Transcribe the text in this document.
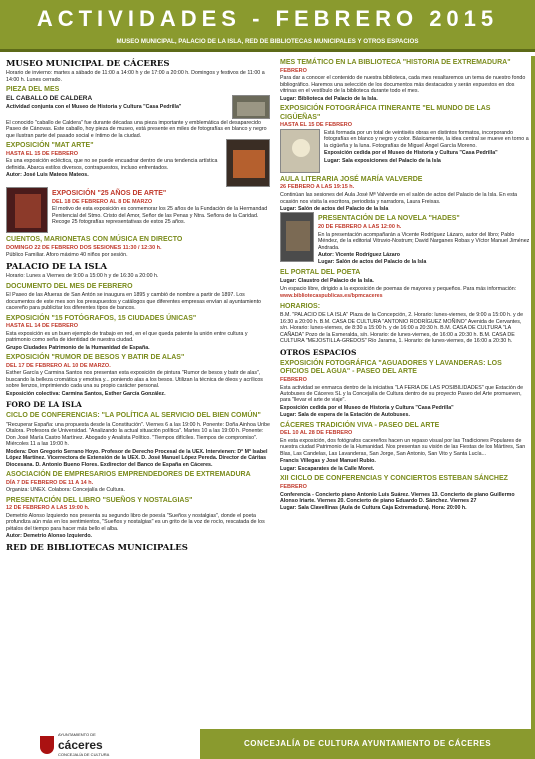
ACTIVIDADES - FEBRERO 2015
MUSEO MUNICIPAL, PALACIO DE LA ISLA, RED DE BIBLIOTECAS MUNICIPALES Y OTROS ESPACIOS
MUSEO MUNICIPAL DE CÁCERES
Horario de invierno: martes a sábado de 11:00 a 14:00 h y de 17:00 a 20:00 h. Domingos y festivos de 11:00 a 14:00 h. Lunes cerrado.
PIEZA DEL MES
EL CABALLO DE CALDERA
Actividad conjunta con el Museo de Historia y Cultura "Casa Pedrilla"
El conocido "caballo de Caldera" fue durante décadas una pieza importante y emblemática del desaparecido Paseo de Cánovas. Este caballo, hoy pieza de museo, está presente en miles de fotografías en blanco y negro que ilustran parte del pasado social e íntimo de la ciudad.
EXPOSICIÓN "MAT ARTE"
HASTA EL 15 DE FEBRERO
Es una exposición ecléctica, que no se puede encuadrar dentro de una tendencia artística definida. Abarca estilos diversos, contrapuestos, incluso enfrentados.
Autor: José Luis Mateos Mateos.
EXPOSICIÓN "25 AÑOS DE ARTE"
DEL 18 DE FEBRERO AL 8 DE MARZO
El motivo de esta exposición es conmemorar los 25 años de la Fundación de la Hermandad Penitencial del Stmo. Cristo del Amor, Señor de las Penas y Ntra. Señora de la Caridad. Recoge 25 fotografías representativas de estos 25 años.
CUENTOS, MARIONETAS CON MÚSICA EN DIRECTO
DOMINGO 22 DE FEBRERO DOS SESIONES 11:30 / 12:30 h.
Público Familiar. Aforo máximo 40 niños por sesión.
PALACIO DE LA ISLA
Horario: Lunes a Viernes de 9:00 a 15:00 h y de 16:30 a 20:00 h.
DOCUMENTO DEL MES DE FEBRERO
El Paseo de las Afueras de San Antón se inaugura en 1895 y cambió de nombre a partir de 1897. Los documentos de este mes son los presupuestos y catálogos que diferentes empresas envían al ayuntamiento cacereño para publicitar los diferentes tipos de bancos.
EXPOSICIÓN "15 FOTÓGRAFOS, 15 CIUDADES ÚNICAS"
HASTA EL 14 DE FEBRERO
Esta exposición es un buen ejemplo de trabajo en red, en el que queda patente la unión entre cultura y patrimonio como seña de identidad de nuestra ciudad.
Grupo Ciudades Patrimonio de la Humanidad de España.
EXPOSICIÓN "RUMOR DE BESOS Y BATIR DE ALAS"
DEL 17 DE FEBRERO AL 10 DE MARZO.
Esther García y Carmina Santos nos presentan esta exposición de pintura "Rumor de besos y batir de alas", buscando la belleza cromática y emotiva y... poniendo alas a los besos. Utilizan la técnica de óleos y acrílicos sobre lienzos, imprimiendo cada una su propio carácter personal.
Exposición colectiva: Carmina Santos, Esther García González.
FORO DE LA ISLA
CICLO DE CONFERENCIAS: "LA POLÍTICA AL SERVICIO DEL BIEN COMÚN"
"Recuperar España: una propuesta desde la Constitución". Viernes 6 a las 19:00 h. Ponente: Doña Ainhoa Uribe Otalora. Profesora de Universidad. "Analizando la actual situación política". Martes 10 a las 19:00 h. Ponente: Don José María Castro Martínez. Abogado y Analista Político. "Tiempos difíciles. Tiempos de compromiso". Miércoles 11 a las 19:00 h.
Modera: Don Gregorio Serrano Hoyo. Profesor de Derecho Procesal de la UEX. Intervienen: Dª Mª Isabel López Martínez. Vicerrectora de Extensión de la UEX. D. José Manuel López Pereda. Director de Cáritas Diocesana. D. Antonio Bueno Flores. Exdirector del Banco de España en Cáceres.
ASOCIACIÓN DE EMPRESARIOS EMPRENDEDORES DE EXTREMADURA
DÍA 7 DE FEBRERO DE 11 A 14 h.
Organiza: UNEX. Colabora: Concejalía de Cultura.
PRESENTACIÓN DEL LIBRO "SUEÑOS Y NOSTALGIAS"
12 DE FEBRERO A LAS 19:00 h.
Demetrio Alonso Izquierdo nos presenta su segundo libro de poesía "Sueños y nostalgias", donde el poeta profundiza aún más en los sentimientos, "Sueños y nostalgias" es un grito de la voz de rocío, rescatada de los pétalos del tiempo para hacer más bello el alba.
Autor: Demetrio Alonso Izquierdo.
RED DE BIBLIOTECAS MUNICIPALES
MES TEMÁTICO EN LA BIBLIOTECA "HISTORIA DE EXTREMADURA"
FEBRERO
Para dar a conocer el contenido de nuestra biblioteca, cada mes resaltaremos un tema de nuestro fondo bibliográfico. Haremos una selección de los documentos más destacados y serán expuestos en dos vitrinas en el vestíbulo de la biblioteca durante todo el mes.
Lugar: Biblioteca del Palacio de la Isla.
EXPOSICIÓN FOTOGRÁFICA ITINERANTE "EL MUNDO DE LAS CIGÜEÑAS"
HASTA EL 15 DE FEBRERO
Está formada por un total de veintiséis obras en distintos formatos, incorporando fotografías en blanco y negro y color. Básicamente, la idea central se mueve en torno a la cigüeña y la luna. Fotografías de Miguel Ángel García Moreno.
Exposición cedida por el Museo de Historia y Cultura "Casa Pedrilla"
Lugar: Sala exposiciones del Palacio de la Isla
AULA LITERARIA JOSÉ MARÍA VALVERDE
26 FEBRERO A LAS 19:15 h.
Continúan las sesiones del Aula José Mª Valverde en el salón de actos del Palacio de la Isla. En esta ocasión nos visita la escritora, periodista y narradora, Laura Freixas.
Lugar: Salón de actos del Palacio de la Isla
PRESENTACIÓN DE LA NOVELA "HADES"
20 DE FEBRERO A LAS 12:00 h.
En la presentación acompañarán a Vicente Rodríguez Lázaro, autor del libro; Pablo Méndez, de la editorial Vitruvio-Nostrum; David Narganes Robas y Víctor Manuel Jiménez Andrada.
Autor: Vicente Rodríguez Lázaro
Lugar: Salón de actos del Palacio de la Isla
EL PORTAL DEL POETA
Lugar: Claustro del Palacio de la Isla.
Un espacio libre, dirigido a la exposición de poemas de mayores y pequeños. Para más información:
www.bibliotecaspublicas.es/bpmcaceres
HORARIOS:
B.M. "PALACIO DE LA ISLA" Plaza de la Concepción, 2. Horario: lunes-viernes, de 9:00 a 15:00 h. y de 16:30 a 20:00 h. B.M. CASA DE CULTURA "ANTONIO RODRÍGUEZ MOÑINO" Avenida de Cervantes, s/n. Horario: lunes-viernes, de 8:30 a 15:00 h. y de 16:00 a 20:30 h. B.M. CASA DE CULTURA "LA CAÑADA" Pozo de la Esmeralda, s/n. Horario: de lunes-viernes, de 16:00 a 20:30 h. B.M. CASA DE CULTURA "MEJOSTILLA-GREDOS" Río Jarama, 1. Horario: de lunes-viernes, de 16:00 a 20:30 h.
OTROS ESPACIOS
EXPOSICIÓN FOTOGRÁFICA "AGUADORES Y LAVANDERAS: LOS OFICIOS DEL AGUA" - PASEO DEL ARTE
FEBRERO
Esta actividad se enmarca dentro de la iniciativa "LA FERIA DE LAS POSIBILIDADES" que Estación de Autobuses de Cáceres SL y la Concejalía de Cultura dentro de su proyecto Paseo del Arte promueven, para "llevar el arte de viaje".
Exposición cedida por el Museo de Historia y Cultura "Casa Pedrilla"
Lugar: Sala de espera de la Estación de Autobuses.
CÁCERES TRADICIÓN VIVA - PASEO DEL ARTE
DEL 10 AL 28 DE FEBRERO
En esta exposición, dos fotógrafos cacereños hacen un repaso visual por las Tradiciones Populares de nuestra ciudad Patrimonio de la Humanidad. Nos presentan su visión de las Fiestas de los Mártires, San Blas, Las Candelas, Las Lavanderas, San Jorge, San Antonio, San Vito y Santa Lucía...
Francis Villegas y José Manuel Rubio.
Lugar: Escaparates de la Calle Moret.
XII CICLO DE CONFERENCIAS Y CONCIERTOS ESTEBAN SÁNCHEZ
FEBRERO
Conferencia - Concierto piano Antonio Luis Suárez. Viernes 13. Concierto de piano Guillermo Alonso Iriarte. Viernes 20. Concierto de piano Eduardo D. Sánchez. Viernes 27
Lugar: Sala Clavellinas (Aula de Cultura Caja Extremadura). Hora: 20:00 h.
AYUNTAMIENTO DE
cáceres
CONCEJALÍA DE CULTURA
CONCEJALÍA DE CULTURA AYUNTAMIENTO DE CÁCERES
